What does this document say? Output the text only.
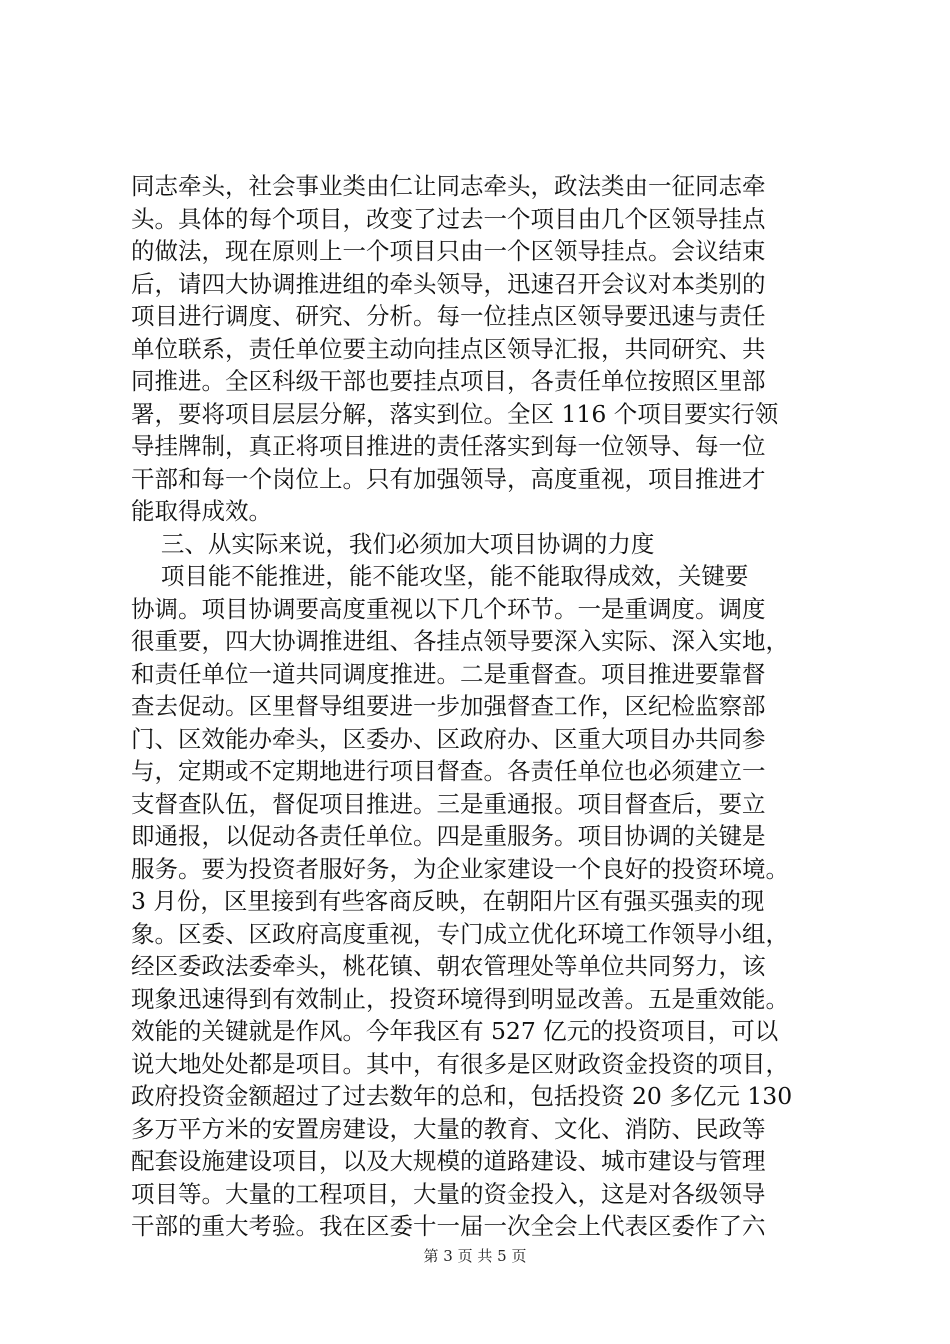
同志牵头，社会事业类由仁让同志牵头，政法类由一征同志牵
头。具体的每个项目，改变了过去一个项目由几个区领导挂点
的做法，现在原则上一个项目只由一个区领导挂点。会议结束
后，请四大协调推进组的牵头领导，迅速召开会议对本类别的
项目进行调度、研究、分析。每一位挂点区领导要迅速与责任
单位联系，责任单位要主动向挂点区领导汇报，共同研究、共
同推进。全区科级干部也要挂点项目，各责任单位按照区里部
署，要将项目层层分解，落实到位。全区 116 个项目要实行领
导挂牌制，真正将项目推进的责任落实到每一位领导、每一位
干部和每一个岗位上。只有加强领导，高度重视，项目推进才
能取得成效。
三、从实际来说，我们必须加大项目协调的力度
项目能不能推进，能不能攻坚，能不能取得成效，关键要
协调。项目协调要高度重视以下几个环节。一是重调度。调度
很重要，四大协调推进组、各挂点领导要深入实际、深入实地，
和责任单位一道共同调度推进。二是重督查。项目推进要靠督
查去促动。区里督导组要进一步加强督查工作，区纪检监察部
门、区效能办牵头，区委办、区政府办、区重大项目办共同参
与，定期或不定期地进行项目督查。各责任单位也必须建立一
支督查队伍，督促项目推进。三是重通报。项目督查后，要立
即通报，以促动各责任单位。四是重服务。项目协调的关键是
服务。要为投资者服好务，为企业家建设一个良好的投资环境。
3 月份，区里接到有些客商反映，在朝阳片区有强买强卖的现
象。区委、区政府高度重视，专门成立优化环境工作领导小组，
经区委政法委牵头，桃花镇、朝农管理处等单位共同努力，该
现象迅速得到有效制止，投资环境得到明显改善。五是重效能。
效能的关键就是作风。今年我区有 527 亿元的投资项目，可以
说大地处处都是项目。其中，有很多是区财政资金投资的项目，
政府投资金额超过了过去数年的总和，包括投资 20 多亿元 130
多万平方米的安置房建设，大量的教育、文化、消防、民政等
配套设施建设项目，以及大规模的道路建设、城市建设与管理
项目等。大量的工程项目，大量的资金投入，这是对各级领导
干部的重大考验。我在区委十一届一次全会上代表区委作了六
第 3 页 共 5 页
